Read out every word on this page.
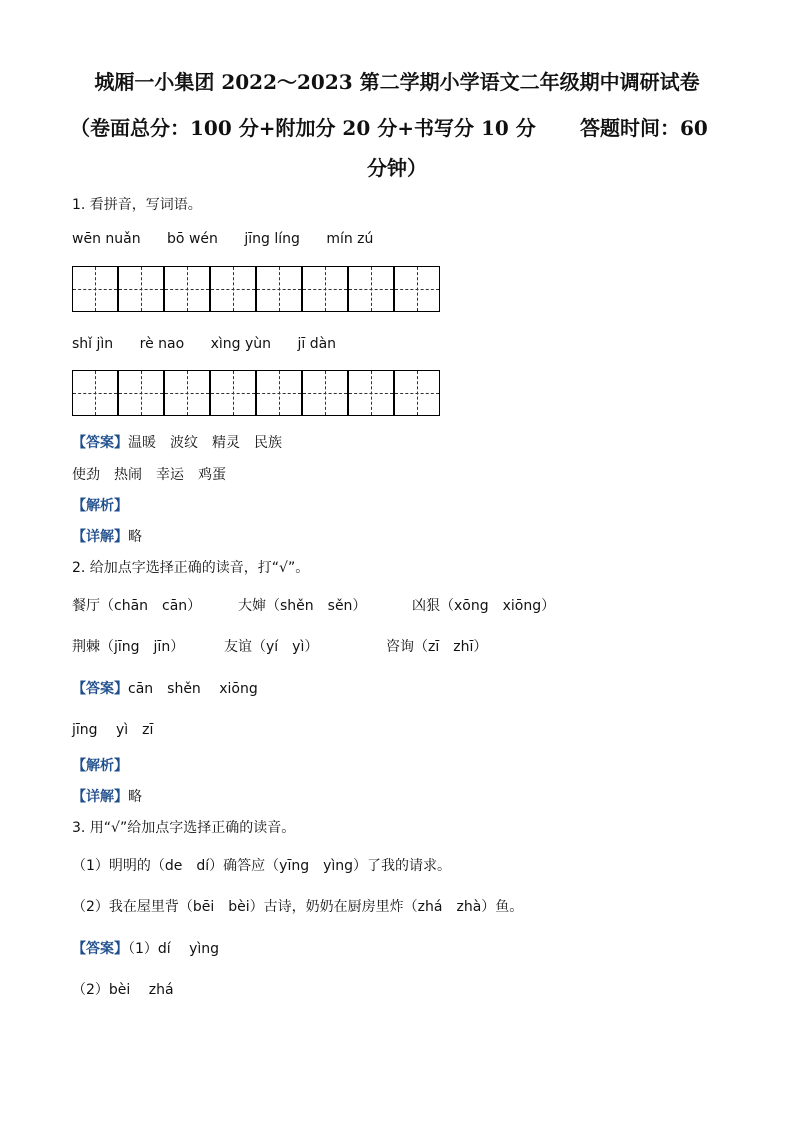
城厢一小集团 2022～2023 第二学期小学语文二年级期中调研试卷
（卷面总分：100 分+附加分 20 分+书写分 10 分 答题时间：60
分钟）
1. 看拼音，写词语。
wēn nuǎn bō wén jīng líng mín zú
shǐ jìn rè nao xìng yùn jī dàn
【答案】温暖　波纹　精灵　民族
使劲　热闹　幸运　鸡蛋
【解析】
【详解】略
2. 给加点字选择正确的读音，打“√”。
餐厅（chān　cān）	大婶（shěn　sěn）	凶狠（xōng　xiōng）
荆棘（jīng　jīn）	友谊（yí　yì）	咨询（zī　zhī）
【答案】cān　shěn　 xiōng
jīng　 yì　zī
【解析】
【详解】略
3. 用“√”给加点字选择正确的读音。
（1）明明的（de　dí）确答应（yīng　yìng）了我的请求。
（2）我在屋里背（bēi　bèi）古诗，奶奶在厨房里炸（zhá　zhà）鱼。
【答案】（1）dí　 yìng
（2）bèi　 zhá
